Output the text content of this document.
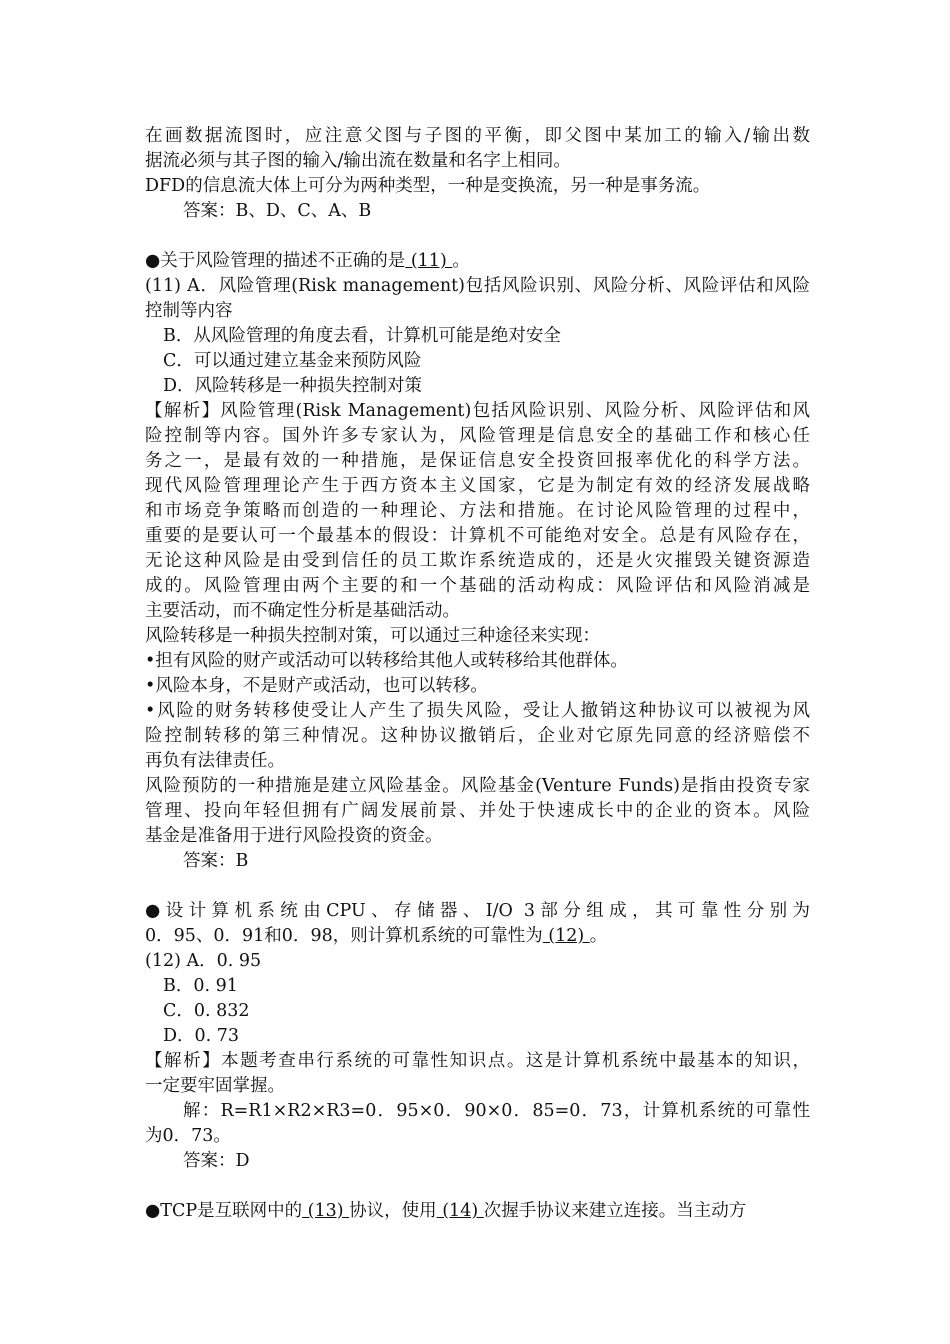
在画数据流图时，应注意父图与子图的平衡，即父图中某加工的输入/输出数
据流必须与其子图的输入/输出流在数量和名字上相同。
DFD的信息流大体上可分为两种类型，一种是变换流，另一种是事务流。
答案：B、D、C、A、B
●关于风险管理的描述不正确的是 (11) 。
(11) A．风险管理(Risk management)包括风险识别、风险分析、风险评估和风险
控制等内容
B．从风险管理的角度去看，计算机可能是绝对安全
C．可以通过建立基金来预防风险
D．风险转移是一种损失控制对策
【解析】风险管理(Risk Management)包括风险识别、风险分析、风险评估和风
险控制等内容。国外许多专家认为，风险管理是信息安全的基础工作和核心任
务之一，是最有效的一种措施，是保证信息安全投资回报率优化的科学方法。
现代风险管理理论产生于西方资本主义国家，它是为制定有效的经济发展战略
和市场竞争策略而创造的一种理论、方法和措施。在讨论风险管理的过程中，
重要的是要认可一个最基本的假设：计算机不可能绝对安全。总是有风险存在，
无论这种风险是由受到信任的员工欺诈系统造成的，还是火灾摧毁关键资源造
成的。风险管理由两个主要的和一个基础的活动构成：风险评估和风险消减是
主要活动，而不确定性分析是基础活动。
风险转移是一种损失控制对策，可以通过三种途径来实现：
•担有风险的财产或活动可以转移给其他人或转移给其他群体。
•风险本身，不是财产或活动，也可以转移。
•风险的财务转移使受让人产生了损失风险，受让人撤销这种协议可以被视为风
险控制转移的第三种情况。这种协议撤销后，企业对它原先同意的经济赔偿不
再负有法律责任。
风险预防的一种措施是建立风险基金。风险基金(Venture Funds)是指由投资专家
管理、投向年轻但拥有广阔发展前景、并处于快速成长中的企业的资本。风险
基金是准备用于进行风险投资的资金。
答案：B
●设计算机系统由CPU、存储器、I/O 3部分组成，其可靠性分别为
0．95、0．91和0．98，则计算机系统的可靠性为 (12) 。
(12) A．0. 95
B．0. 91
C．0. 832
D．0. 73
【解析】本题考查串行系统的可靠性知识点。这是计算机系统中最基本的知识，
一定要牢固掌握。
解：R=R1×R2×R3=0．95×0．90×0．85=0．73，计算机系统的可靠性
为0．73。
答案：D
●TCP是互联网中的 (13) 协议，使用 (14) 次握手协议来建立连接。当主动方
